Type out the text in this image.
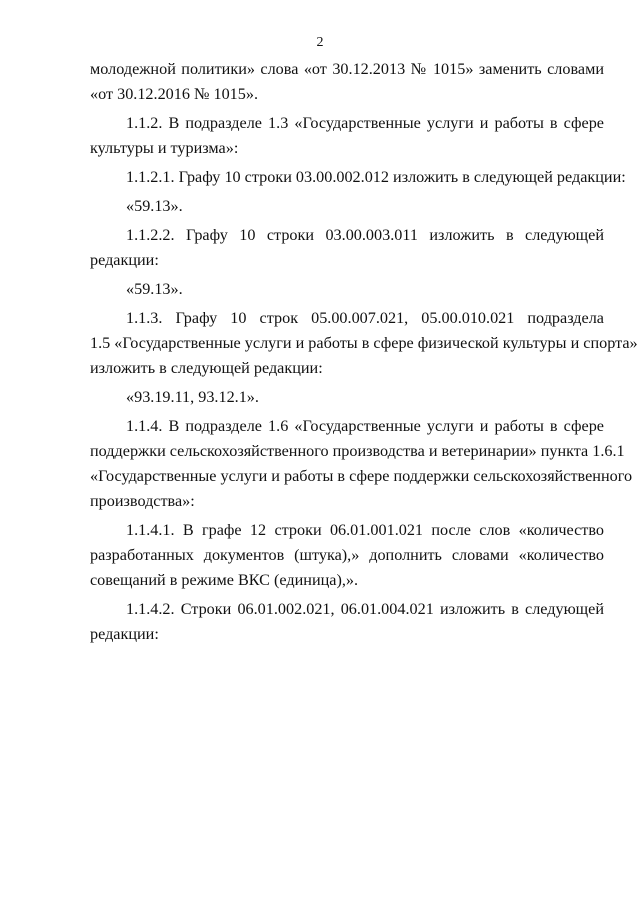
2
молодежной политики» слова «от 30.12.2013 № 1015» заменить словами
«от 30.12.2016 № 1015».
1.1.2. В подразделе 1.3 «Государственные услуги и работы в сфере
культуры и туризма»:
1.1.2.1. Графу 10 строки 03.00.002.012 изложить в следующей редакции:
«59.13».
1.1.2.2. Графу 10 строки 03.00.003.011 изложить в следующей
редакции:
«59.13».
1.1.3. Графу 10 строк 05.00.007.021, 05.00.010.021 подраздела
1.5 «Государственные услуги и работы в сфере физической культуры и спорта»
изложить в следующей редакции:
«93.19.11, 93.12.1».
1.1.4. В подразделе 1.6 «Государственные услуги и работы в сфере
поддержки сельскохозяйственного производства и ветеринарии» пункта 1.6.1
«Государственные услуги и работы в сфере поддержки сельскохозяйственного
производства»:
1.1.4.1. В графе 12 строки 06.01.001.021 после слов «количество
разработанных документов (штука),» дополнить словами «количество
совещаний в режиме ВКС (единица),».
1.1.4.2. Строки 06.01.002.021, 06.01.004.021 изложить в следующей
редакции:
